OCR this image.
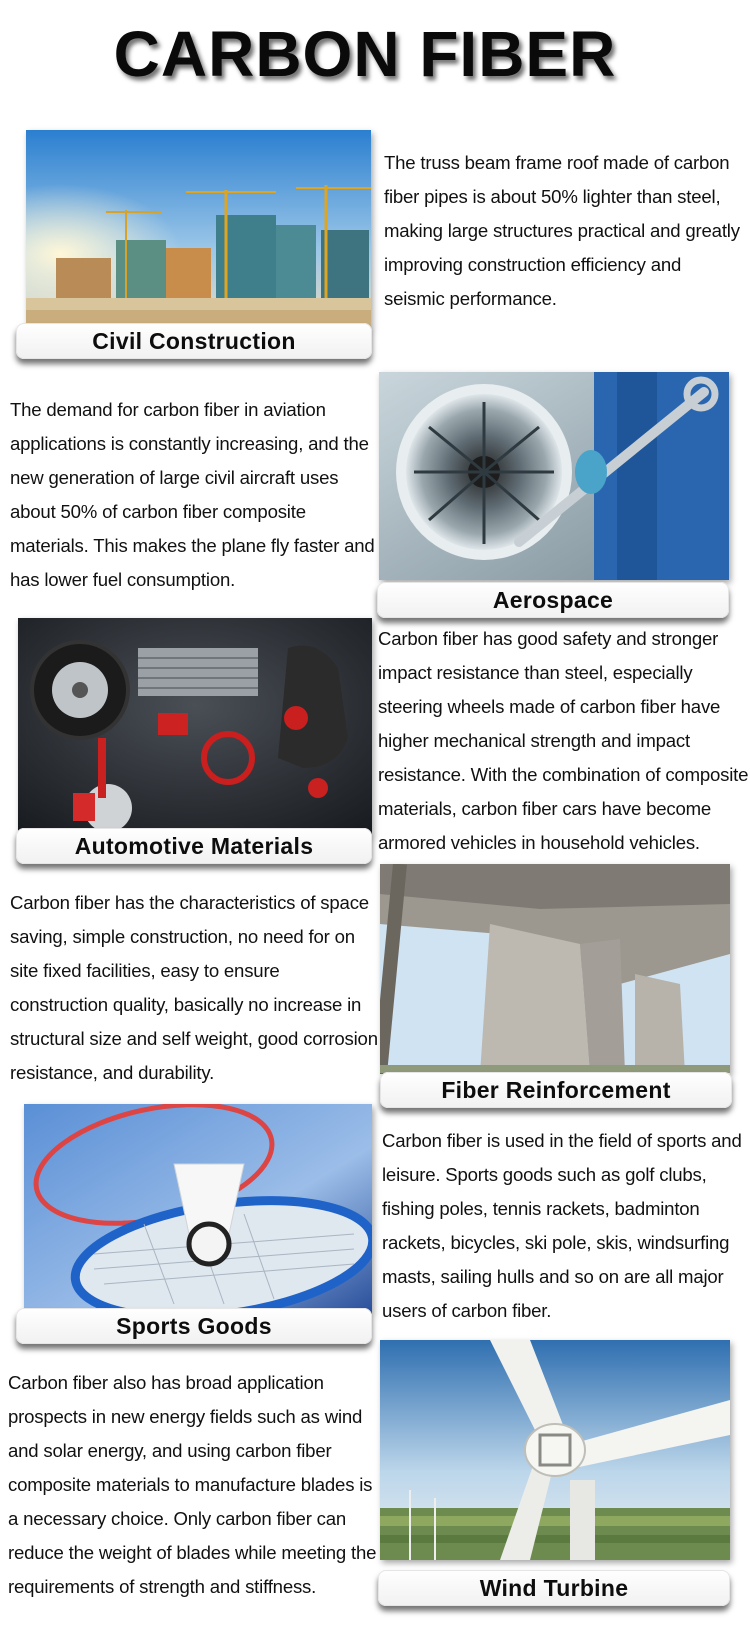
CARBON FIBER
Civil Construction
The truss beam frame roof made of carbon fiber pipes is about 50% lighter than steel, making large structures practical and greatly improving construction efficiency and seismic performance.
The demand for carbon fiber in aviation applications is constantly increasing, and the new generation of large civil aircraft uses about 50% of carbon fiber composite materials. This makes the plane fly faster and has lower fuel consumption.
Aerospace
Automotive Materials
Carbon fiber has good safety and stronger impact resistance than steel, especially steering wheels made of carbon fiber have higher mechanical strength and impact resistance. With the combination of composite materials, carbon fiber cars have become armored vehicles in household vehicles.
Carbon fiber has the characteristics of space saving, simple construction, no need for on site fixed facilities, easy to ensure construction quality, basically no increase in structural size and self weight, good corrosion resistance, and durability.
Fiber Reinforcement
Sports Goods
Carbon fiber is used in the field of sports and leisure. Sports goods such as golf clubs, fishing poles, tennis rackets, badminton rackets, bicycles, ski pole, skis, windsurfing masts, sailing hulls and so on are all major users of carbon fiber.
Carbon fiber also has broad application prospects in new energy fields such as wind and solar energy, and using carbon fiber composite materials to manufacture blades is a necessary choice. Only carbon fiber can reduce the weight of blades while meeting the requirements of strength and stiffness.	Wind Turbine
